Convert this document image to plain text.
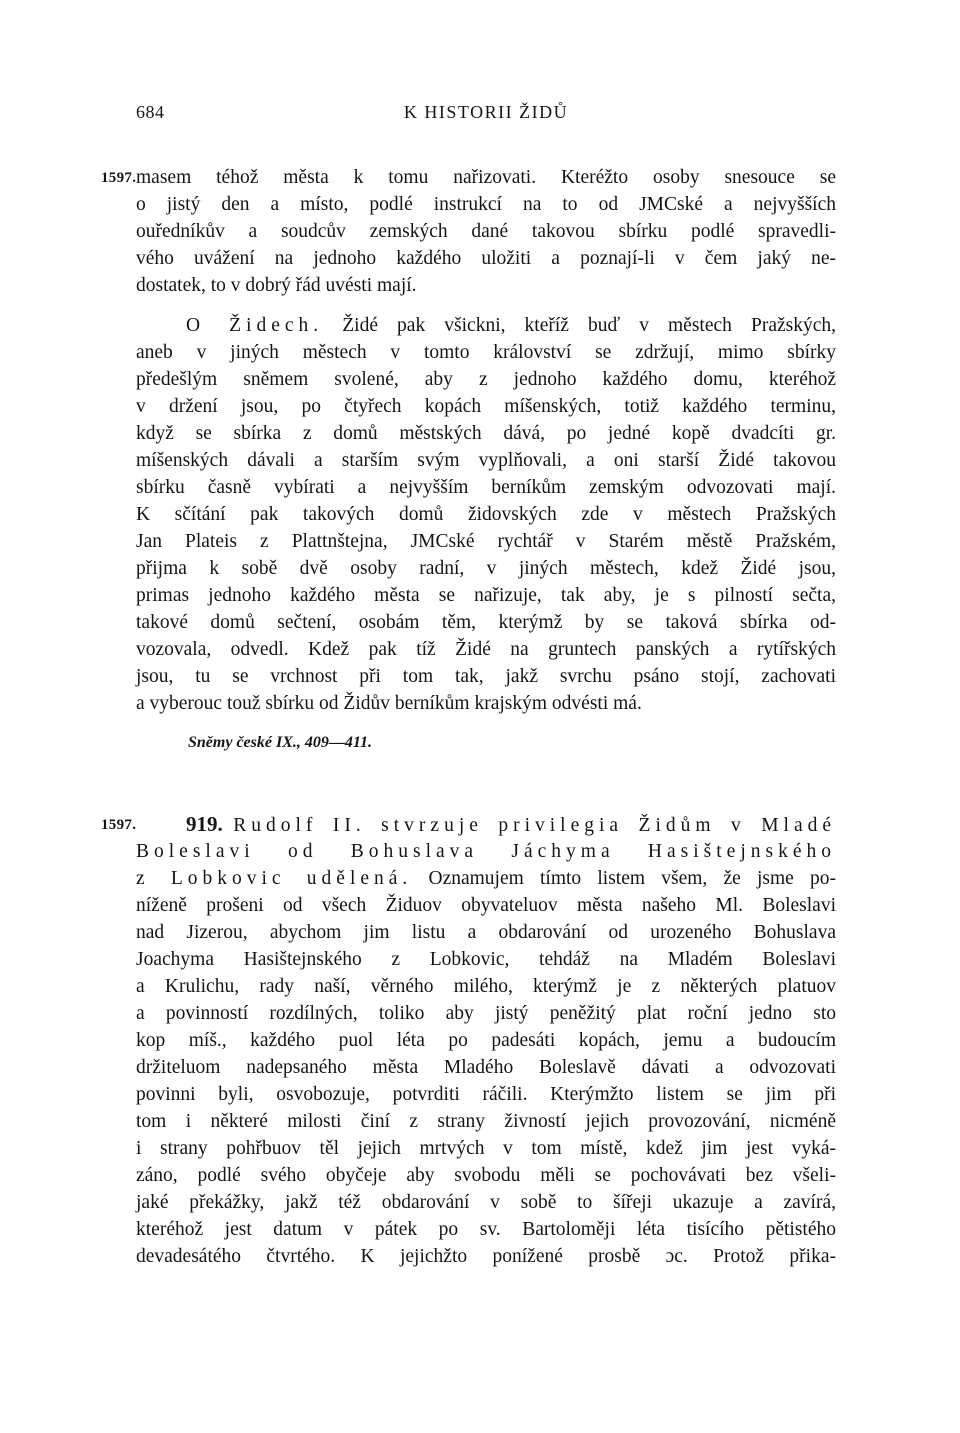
684	K HISTORII ŽIDŮ
1597. masem téhož města k tomu nařizovati. Kteréžto osoby snesouce se
o jistý den a místo, podlé instrukcí na to od JMCské a nejvyšších
ouředníkův a soudcův zemských dané takovou sbírku podlé spravedli-
vého uvážení na jednoho každého uložiti a poznají-li v čem jaký ne-
dostatek, to v dobrý řád uvésti mají.
O Židech. Židé pak všickni, kteříž buď v městech Pražských,
aneb v jiných městech v tomto království se zdržují, mimo sbírky
předešlým sněmem svolené, aby z jednoho každého domu, kteréhož
v držení jsou, po čtyřech kopách míšenských, totiž každého terminu,
když se sbírka z domů městských dává, po jedné kopě dvadcíti gr.
míšenských dávali a starším svým vyplňovali, a oni starší Židé takovou
sbírku časně vybírati a nejvyšším berníkům zemským odvozovati mají.
K sčítání pak takových domů židovských zde v městech Pražských
Jan Plateis z Plattnštejna, JMCské rychtář v Starém městě Pražském,
přijma k sobě dvě osoby radní, v jiných městech, kdež Židé jsou,
primas jednoho každého města se nařizuje, tak aby, je s pilností sečta,
takové domů sečtení, osobám těm, kterýmž by se taková sbírka od-
vozovala, odvedl. Kdež pak tíž Židé na gruntech panských a rytířských
jsou, tu se vrchnost při tom tak, jakž svrchu psáno stojí, zachovati
a vyberouc touž sbírku od Židův berníkům krajským odvésti má.
Sněmy české IX., 409—411.
1597.	919. Rudolf II. stvrzuje privilegia Židům v Mladé
Boleslavi od Bohuslava Jáchyma Hasištejnského
z Lobkovic udělená. Oznamujem tímto listem všem, že jsme po-
níženě prošeni od všech Židuov obyvateluov města našeho Ml. Boleslavi
nad Jizerou, abychom jim listu a obdarování od urozeného Bohuslava
Joachyma Hasištejnského z Lobkovic, tehdáž na Mladém Boleslavi
a Krulichu, rady naší, věrného milého, kterýmž je z některých platuov
a povinností rozdílných, toliko aby jistý peněžitý plat roční jedno sto
kop míš., každého puol léta po padesáti kopách, jemu a budoucím
držiteluom nadepsaného města Mladého Boleslavě dávati a odvozovati
povinni byli, osvobozuje, potvrditi ráčili. Kterýmžto listem se jim při
tom i některé milosti činí z strany živností jejich provozování, nicméně
i strany pohřbuov těl jejich mrtvých v tom místě, kdež jim jest vyká-
záno, podlé svého obyčeje aby svobodu měli se pochovávati bez všeli-
jaké překážky, jakž též obdarování v sobě to šířeji ukazuje a zavírá,
kteréhož jest datum v pátek po sv. Bartoloměji léta tisícího pětistého
devadesátého čtvrtého. K jejichžto ponížené prosbě ɔc. Protož přika-
